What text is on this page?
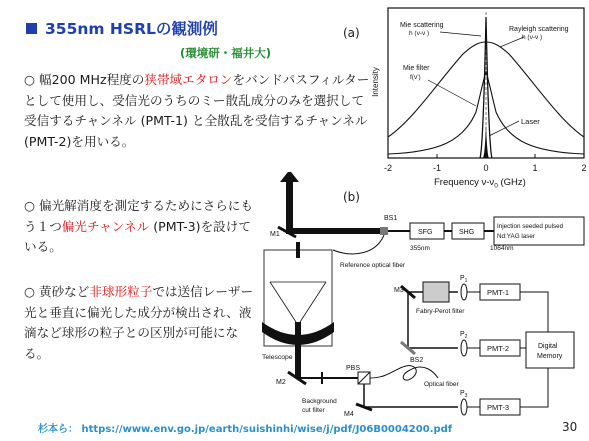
355nm HSRLの観測例
(環境研・福井大)
○ 幅200 MHz程度の狭帯域エタロンをバンドパスフィルターとして使用し、受信光のうちのミー散乱成分のみを選択して受信するチャンネル (PMT-1) と全散乱を受信するチャンネル (PMT-2)を用いる。
○ 偏光解消度を測定するためにさらにもう１つ偏光チャンネル (PMT-3)を設けている。
○ 黄砂など非球形粒子では送信レーザー光と垂直に偏光した成分が検出され、液滴など球形の粒子との区別が可能になる。
(a)
(b)
Intensity
Mie scattering
h (ν-ν )
Rayleigh scattering
h (ν-ν )
Mie filter
f(ν')
Laser
-2	-1	0	1	2
Frequency $\nu-\nu_0$ (GHz)
M1
M2
M3
M4
BS1
BS2
PBS
SFG	SHG
Injection seeded pulsed
Nd:YAG laser
355nm	1064nm
Reference optical fiber
Fabry-Perot filter
Optical fiber
Telescope
Background
cut filter
PMT-1
PMT-2
PMT-3
$P_1$
$P_2$
$P_3$
Digital
Memory
杉本ら： https://www.env.go.jp/earth/suishinhi/wise/j/pdf/J06B0004200.pdf	30
